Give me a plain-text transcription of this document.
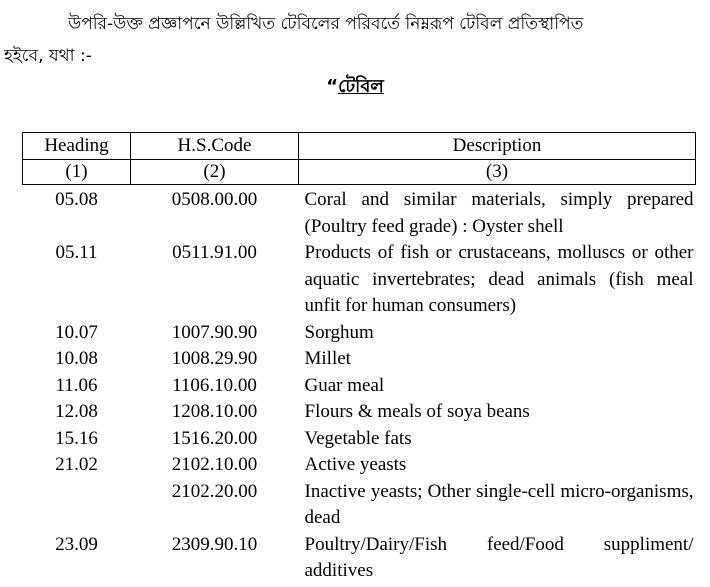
উপরি-উক্ত প্রজ্ঞাপনে উল্লিখিত টেবিলের পরিবর্তে নিম্নরূপ টেবিল প্রতিস্থাপিত
হইবে, যথা :-

“টেবিল

Heading	H.S.Code	Description
(1)	(2)	(3)
05.08	0508.00.00	Coral and similar materials, simply prepared (Poultry feed grade) : Oyster shell
05.11	0511.91.00	Products of fish or crustaceans, molluscs or other aquatic invertebrates; dead animals (fish meal unfit for human consumers)
10.07	1007.90.90	Sorghum
10.08	1008.29.90	Millet
11.06	1106.10.00	Guar meal
12.08	1208.10.00	Flours & meals of soya beans
15.16	1516.20.00	Vegetable fats
21.02	2102.10.00	Active yeasts
	2102.20.00	Inactive yeasts; Other single-cell micro-organisms, dead
23.09	2309.90.10	Poultry/Dairy/Fish feed/Food suppliment/ additives
